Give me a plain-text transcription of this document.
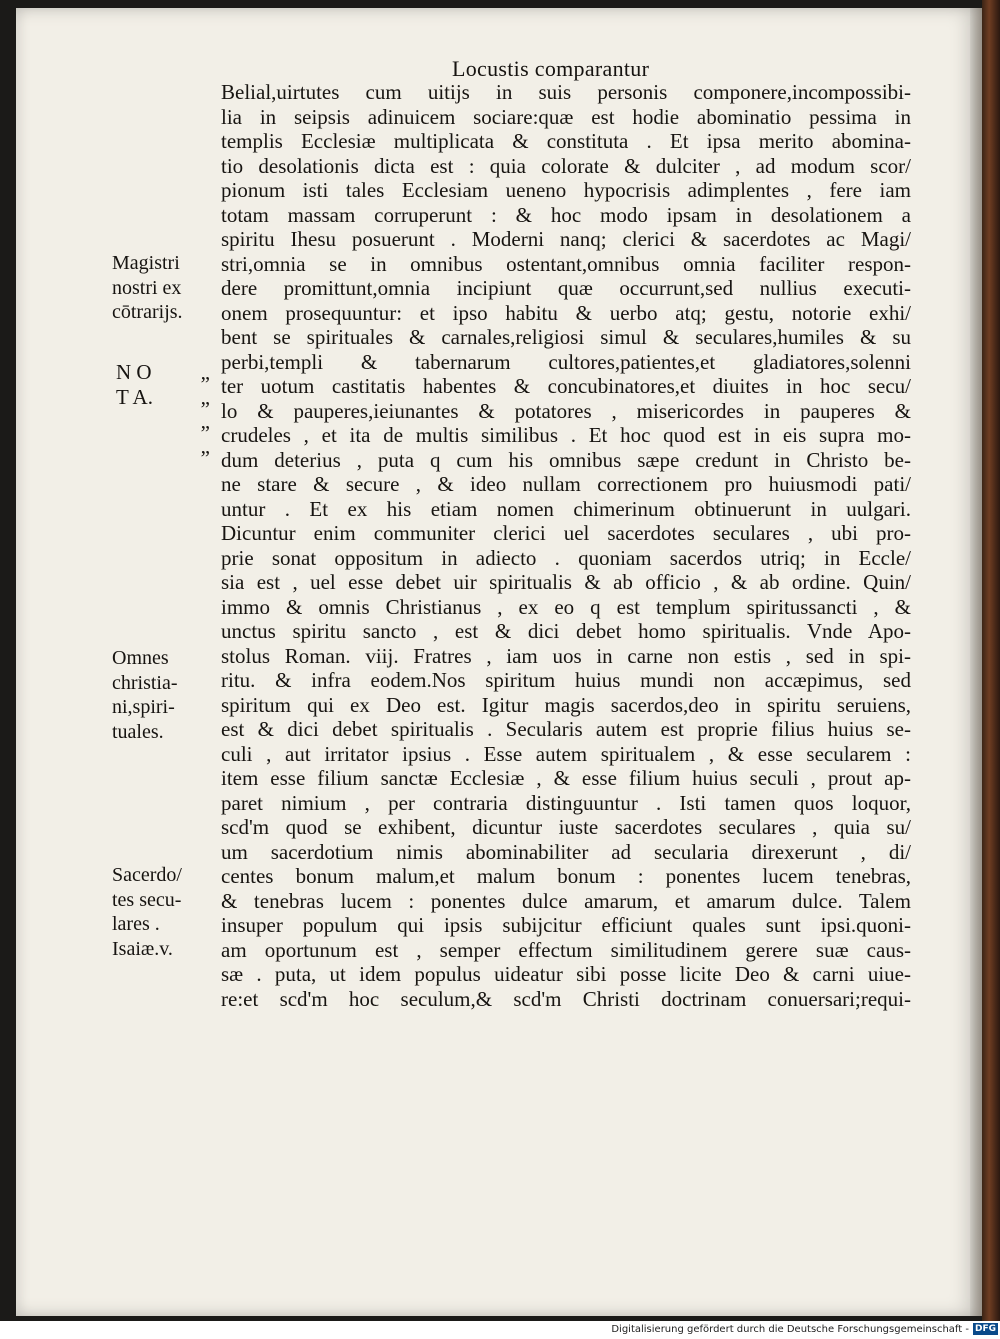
Locustis comparantur
Belial,uirtutes cum uitijs in suis personis componere,incompossibi-
lia in seipsis adinuicem sociare:quæ est hodie abominatio pessima in
templis Ecclesiæ multiplicata & constituta . Et ipsa merito abomina-
tio desolationis dicta est : quia colorate & dulciter , ad modum scor/
pionum isti tales Ecclesiam ueneno hypocrisis adimplentes , fere iam
totam massam corruperunt : & hoc modo ipsam in desolationem a
spiritu Ihesu posuerunt . Moderni nanq; clerici & sacerdotes ac Magi/
stri,omnia se in omnibus ostentant,omnibus omnia faciliter respon-
dere promittunt,omnia incipiunt quæ occurrunt,sed nullius executi-
onem prosequuntur: et ipso habitu & uerbo atq; gestu, notorie exhi/
bent se spirituales & carnales,religiosi simul & seculares,humiles & su
perbi,templi & tabernarum cultores,patientes,et gladiatores,solenni
ter uotum castitatis habentes & concubinatores,et diuites in hoc secu/
lo & pauperes,ieiunantes & potatores , misericordes in pauperes &
crudeles , et ita de multis similibus . Et hoc quod est in eis supra mo-
dum deterius , puta q cum his omnibus sæpe credunt in Christo be-
ne stare & secure , & ideo nullam correctionem pro huiusmodi pati/
untur . Et ex his etiam nomen chimerinum obtinuerunt in uulgari.
Dicuntur enim communiter clerici uel sacerdotes seculares , ubi pro-
prie sonat oppositum in adiecto . quoniam sacerdos utriq; in Eccle/
sia est , uel esse debet uir spiritualis & ab officio , & ab ordine. Quin/
immo & omnis Christianus , ex eo q est templum spiritussancti , &
unctus spiritu sancto , est & dici debet homo spiritualis. Vnde Apo-
stolus Roman. viij. Fratres , iam uos in carne non estis , sed in spi-
ritu. & infra eodem.Nos spiritum huius mundi non accæpimus, sed
spiritum qui ex Deo est. Igitur magis sacerdos,deo in spiritu seruiens,
est & dici debet spiritualis . Secularis autem est proprie filius huius se-
culi , aut irritator ipsius . Esse autem spiritualem , & esse secularem :
item esse filium sanctæ Ecclesiæ , & esse filium huius seculi , prout ap-
paret nimium , per contraria distinguuntur . Isti tamen quos loquor,
scd'm quod se exhibent, dicuntur iuste sacerdotes seculares , quia su/
um sacerdotium nimis abominabiliter ad secularia direxerunt , di/
centes bonum malum,et malum bonum : ponentes lucem tenebras,
& tenebras lucem : ponentes dulce amarum, et amarum dulce. Talem
insuper populum qui ipsis subijcitur efficiunt quales sunt ipsi.quoni-
am oportunum est , semper effectum similitudinem gerere suæ caus-
sæ . puta, ut idem populus uideatur sibi posse licite Deo & carni uiue-
re:et scd'm hoc seculum,& scd'm Christi doctrinam conuersari;requi-
Magistri
nostri ex
cōtrarijs.
N O „
T A. „
„
„
Omnes
christia-
ni,spiri-
tuales.
Sacerdo/
tes secu-
lares .
Isaiæ.v.
Digitalisierung gefördert durch die Deutsche Forschungsgemeinschaft - DFG
